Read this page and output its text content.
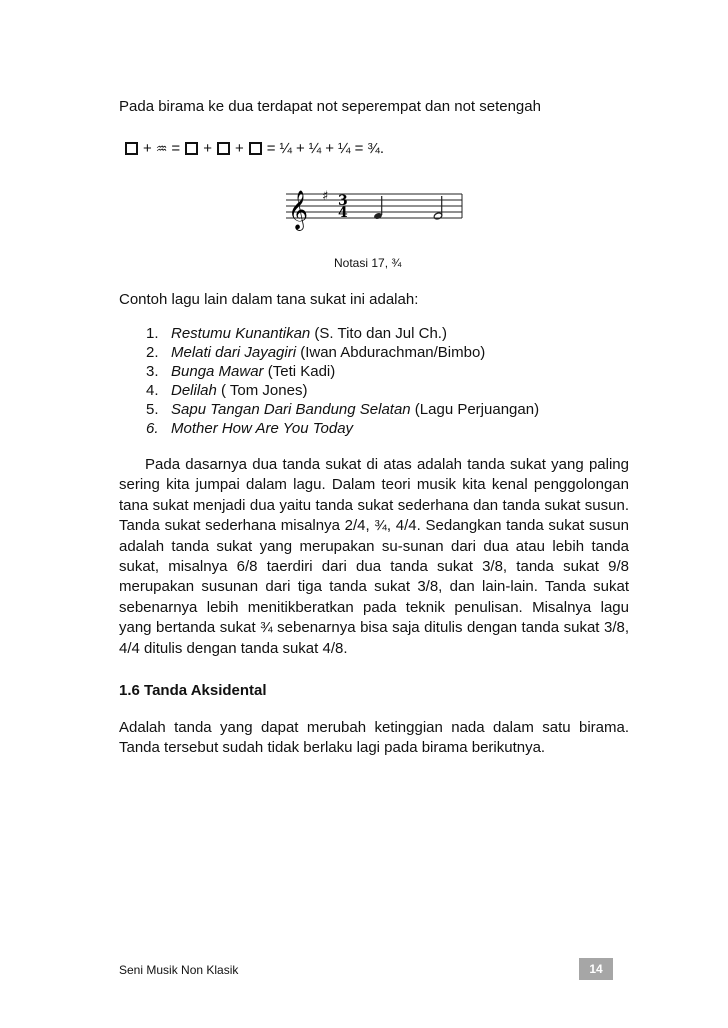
Pada birama ke dua terdapat not seperempat dan not setengah
+ ♒ = + + = ¼ + ¼ + ¼ = ¾.
𝄞 ♯ 3
4
Notasi 17, ¾
Contoh lagu lain dalam tana sukat ini adalah:
1. Restumu Kunantikan (S. Tito dan Jul Ch.)
2. Melati dari Jayagiri (Iwan Abdurachman/Bimbo)
3. Bunga Mawar (Teti Kadi)
4. Delilah ( Tom Jones)
5. Sapu Tangan Dari Bandung Selatan (Lagu Perjuangan)
6. Mother How Are You Today
Pada dasarnya dua tanda sukat di atas adalah tanda sukat yang paling sering kita jumpai dalam lagu. Dalam teori musik kita kenal penggolongan tana sukat menjadi dua yaitu tanda sukat sederhana dan tanda sukat susun. Tanda sukat sederhana misalnya 2/4, ¾, 4/4. Sedangkan tanda sukat susun adalah tanda sukat yang merupakan su-sunan dari dua atau lebih tanda sukat, misalnya 6/8 taerdiri dari dua tanda sukat 3/8, tanda sukat 9/8 merupakan susunan dari tiga tanda sukat 3/8, dan lain-lain. Tanda sukat sebenarnya lebih menitikberatkan pada teknik penulisan. Misalnya lagu yang bertanda sukat ¾ sebenarnya bisa saja ditulis dengan tanda sukat 3/8, 4/4 ditulis dengan tanda sukat 4/8.
1.6 Tanda Aksidental
Adalah tanda yang dapat merubah ketinggian nada dalam satu birama. Tanda tersebut sudah tidak berlaku lagi pada birama berikutnya.
Seni Musik Non Klasik	14
